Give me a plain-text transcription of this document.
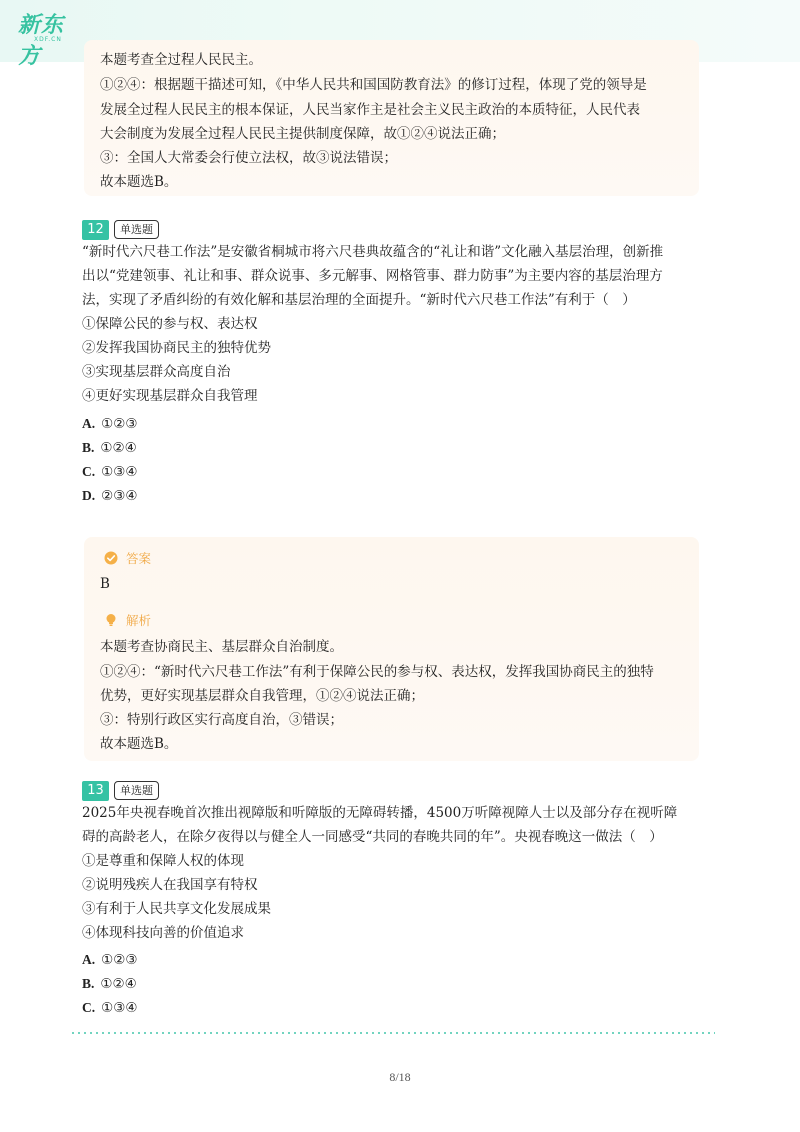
新东方
XDF.CN
本题考查全过程人民民主。
①②④：根据题干描述可知，《中华人民共和国国防教育法》的修订过程，体现了党的领导是
发展全过程人民民主的根本保证，人民当家作主是社会主义民主政治的本质特征，人民代表
大会制度为发展全过程人民民主提供制度保障，故①②④说法正确；
③：全国人大常委会行使立法权，故③说法错误；
故本题选B。
12	单选题
“新时代六尺巷工作法”是安徽省桐城市将六尺巷典故蕴含的“礼让和谐”文化融入基层治理，创新推
出以“党建领事、礼让和事、群众说事、多元解事、网格管事、群力防事”为主要内容的基层治理方
法，实现了矛盾纠纷的有效化解和基层治理的全面提升。“新时代六尺巷工作法”有利于（　）
①保障公民的参与权、表达权
②发挥我国协商民主的独特优势
③实现基层群众高度自治
④更好实现基层群众自我管理
A. ①②③
B. ①②④
C. ①③④
D. ②③④
答案
B
解析
本题考查协商民主、基层群众自治制度。
①②④：“新时代六尺巷工作法”有利于保障公民的参与权、表达权，发挥我国协商民主的独特
优势，更好实现基层群众自我管理，①②④说法正确；
③：特别行政区实行高度自治，③错误；
故本题选B。
13	单选题
2025年央视春晚首次推出视障版和听障版的无障碍转播，4500万听障视障人士以及部分存在视听障
碍的高龄老人，在除夕夜得以与健全人一同感受“共同的春晚共同的年”。央视春晚这一做法（　）
①是尊重和保障人权的体现
②说明残疾人在我国享有特权
③有利于人民共享文化发展成果
④体现科技向善的价值追求
A. ①②③
B. ①②④
C. ①③④
8/18
